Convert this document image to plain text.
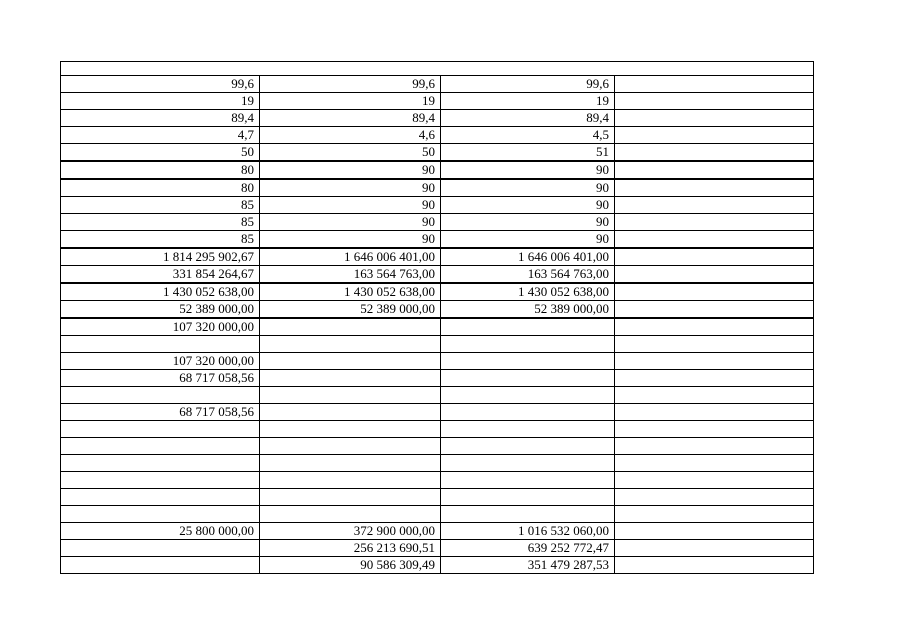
99,6	99,6	99,6	
19	19	19	
89,4	89,4	89,4	
4,7	4,6	4,5	
50	50	51	
80	90	90	
80	90	90	
85	90	90	
85	90	90	
85	90	90	
1 814 295 902,67	1 646 006 401,00	1 646 006 401,00	
331 854 264,67	163 564 763,00	163 564 763,00	
1 430 052 638,00	1 430 052 638,00	1 430 052 638,00	
52 389 000,00	52 389 000,00	52 389 000,00	
107 320 000,00			

107 320 000,00			
68 717 058,56			

68 717 058,56			

25 800 000,00	372 900 000,00	1 016 532 060,00	
	256 213 690,51	639 252 772,47	
	90 586 309,49	351 479 287,53	
